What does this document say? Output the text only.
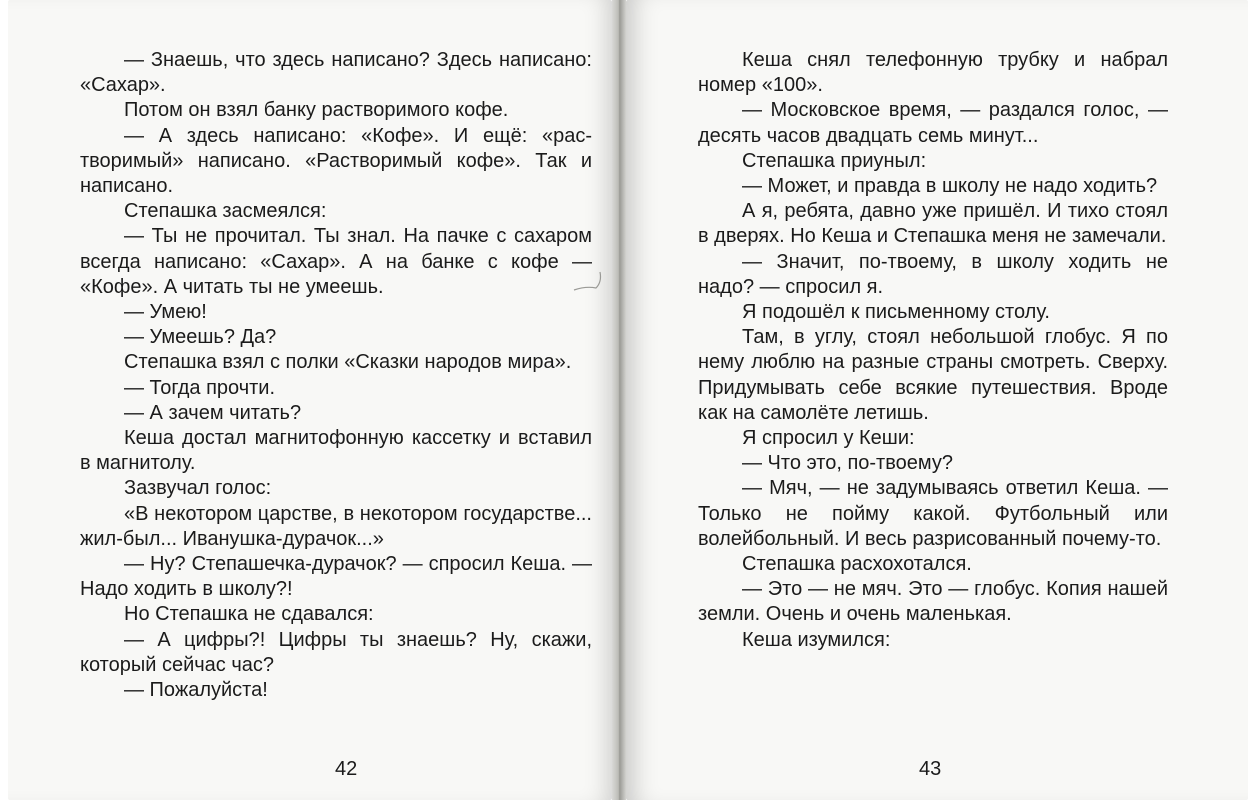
— Знаешь, что здесь написано? Здесь написано: «Сахар».

Потом он взял банку растворимого кофе.

— А здесь написано: «Кофе». И ещё: «растворимый» написано. «Растворимый кофе». Так и написано.

Степашка засмеялся:

— Ты не прочитал. Ты знал. На пачке с сахаром всегда написано: «Сахар». А на банке с кофе — «Кофе». А читать ты не умеешь.

— Умею!

— Умеешь? Да?

Степашка взял с полки «Сказки народов мира».

— Тогда прочти.

— А зачем читать?

Кеша достал магнитофонную кассетку и вставил в магнитолу.

Зазвучал голос:

«В некотором царстве, в некотором государстве... жил-был... Иванушка-дурачок...»

— Ну? Степашечка-дурачок? — спросил Кеша. — Надо ходить в школу?!

Но Степашка не сдавался:

— А цифры?! Цифры ты знаешь? Ну, скажи, который сейчас час?

— Пожалуйста!

42

Кеша снял телефонную трубку и набрал номер «100».

— Московское время, — раздался голос, — десять часов двадцать семь минут...

Степашка приуныл:

— Может, и правда в школу не надо ходить?

А я, ребята, давно уже пришёл. И тихо стоял в дверях. Но Кеша и Степашка меня не замечали.

— Значит, по-твоему, в школу ходить не надо? — спросил я.

Я подошёл к письменному столу.

Там, в углу, стоял небольшой глобус. Я по нему люблю на разные страны смотреть. Сверху. Придумывать себе всякие путешествия. Вроде как на самолёте летишь.

Я спросил у Кеши:

— Что это, по-твоему?

— Мяч, — не задумываясь ответил Кеша. — Только не пойму какой. Футбольный или волейбольный. И весь разрисованный почему-то.

Степашка расхохотался.

— Это — не мяч. Это — глобус. Копия нашей земли. Очень и очень маленькая.

Кеша изумился:

43
